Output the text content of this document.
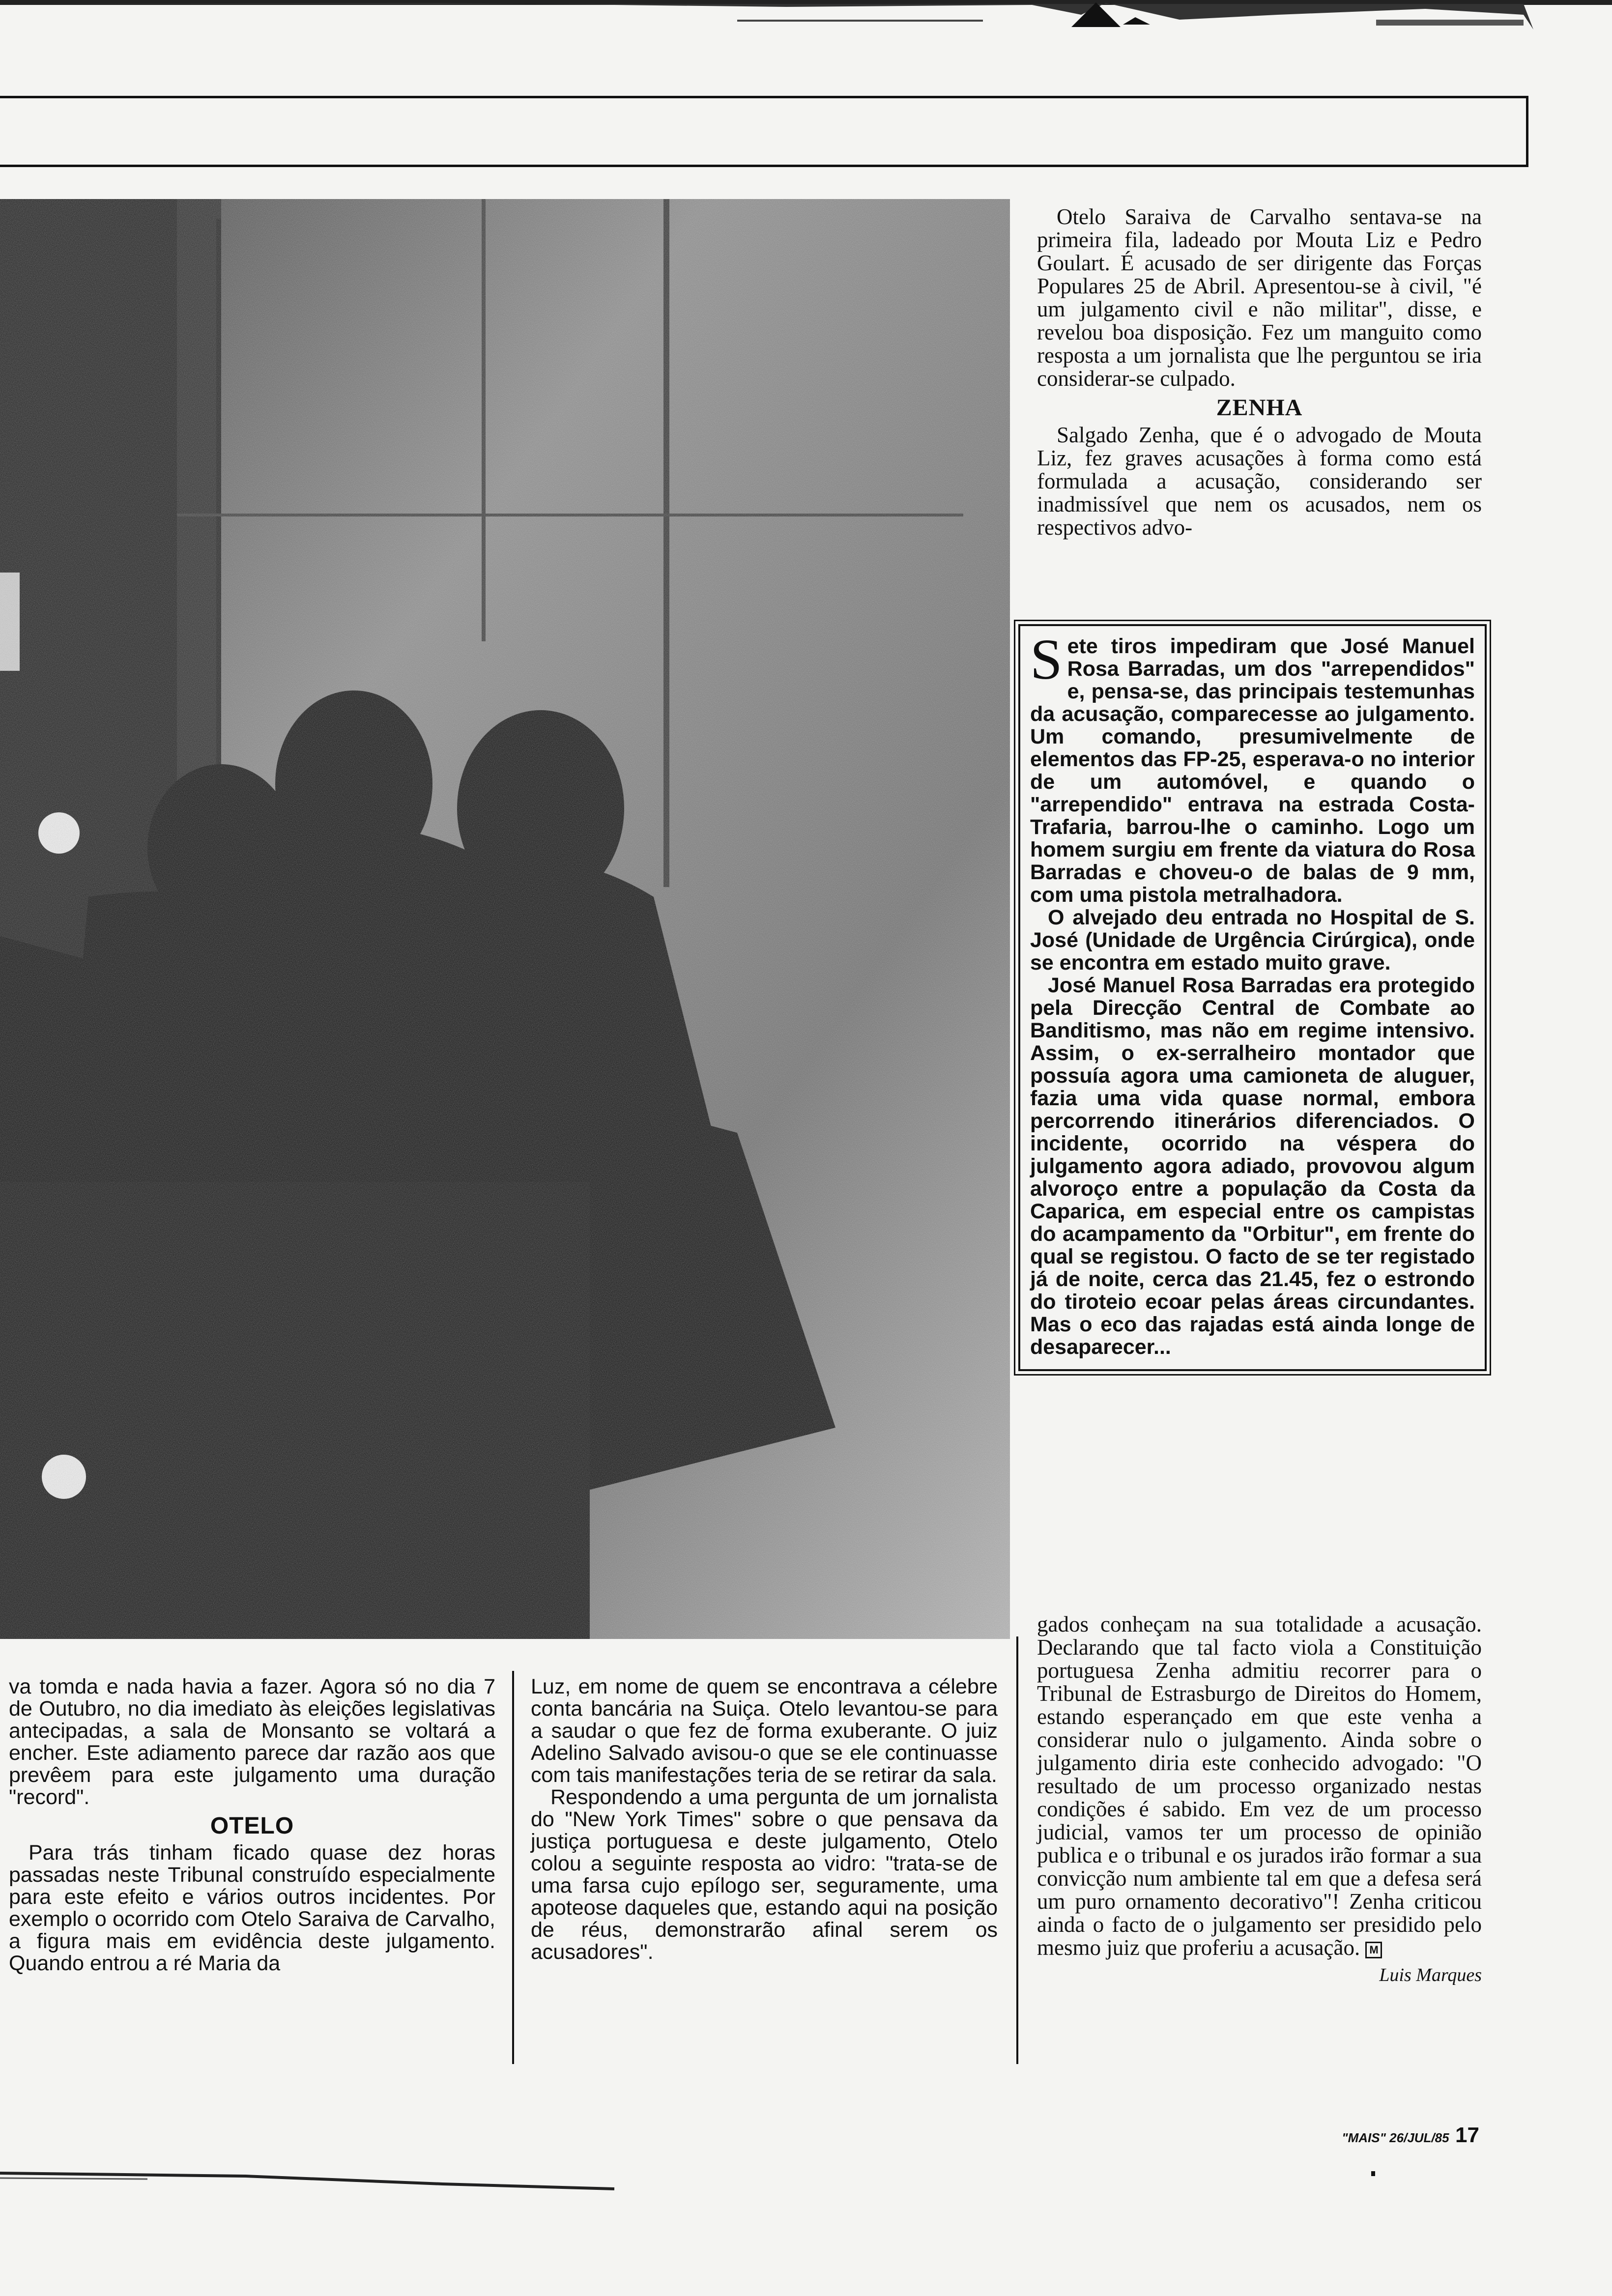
Otelo Saraiva de Carvalho sentava-se na primeira fila, ladeado por Mouta Liz e Pedro Goulart. É acusado de ser dirigente das Forças Populares 25 de Abril. Apresentou-se à civil, "é um julgamento civil e não militar", disse, e revelou boa disposição. Fez um manguito como resposta a um jornalista que lhe perguntou se iria considerar-se culpado.

ZENHA

Salgado Zenha, que é o advogado de Mouta Liz, fez graves acusações à forma como está formulada a acusação, considerando ser inadmissível que nem os acusados, nem os respectivos advo-

S ete tiros impediram que José Manuel Rosa Barradas, um dos "arrependidos" e, pensa-se, das principais testemunhas da acusação, comparecesse ao julgamento. Um comando, presumivelmente de elementos das FP-25, esperava-o no interior de um automóvel, e quando o "arrependido" entrava na estrada Costa-Trafaria, barrou-lhe o caminho. Logo um homem surgiu em frente da viatura do Rosa Barradas e choveu-o de balas de 9 mm, com uma pistola metralhadora.

O alvejado deu entrada no Hospital de S. José (Unidade de Urgência Cirúrgica), onde se encontra em estado muito grave.

José Manuel Rosa Barradas era protegido pela Direcção Central de Combate ao Banditismo, mas não em regime intensivo. Assim, o ex-serralheiro montador que possuía agora uma camioneta de aluguer, fazia uma vida quase normal, embora percorrendo itinerários diferenciados. O incidente, ocorrido na véspera do julgamento agora adiado, provovou algum alvoroço entre a população da Costa da Caparica, em especial entre os campistas do acampamento da "Orbitur", em frente do qual se registou. O facto de se ter registado já de noite, cerca das 21.45, fez o estrondo do tiroteio ecoar pelas áreas circundantes. Mas o eco das rajadas está ainda longe de desaparecer...

gados conheçam na sua totalidade a acusação. Declarando que tal facto viola a Constituição portuguesa Zenha admitiu recorrer para o Tribunal de Estrasburgo de Direitos do Homem, estando esperançado em que este venha a considerar nulo o julgamento. Ainda sobre o julgamento diria este conhecido advogado: "O resultado de um processo organizado nestas condições é sabido. Em vez de um processo judicial, vamos ter um processo de opinião publica e o tribunal e os jurados irão formar a sua convicção num ambiente tal em que a defesa será um puro ornamento decorativo"! Zenha criticou ainda o facto de o julgamento ser presidido pelo mesmo juiz que proferiu a acusação. M

Luis Marques

va tomda e nada havia a fazer. Agora só no dia 7 de Outubro, no dia imediato às eleições legislativas antecipadas, a sala de Monsanto se voltará a encher. Este adiamento parece dar razão aos que prevêem para este julgamento uma duração "record".

OTELO

Para trás tinham ficado quase dez horas passadas neste Tribunal construído especialmente para este efeito e vários outros incidentes. Por exemplo o ocorrido com Otelo Saraiva de Carvalho, a figura mais em evidência deste julgamento. Quando entrou a ré Maria da

Luz, em nome de quem se encontrava a célebre conta bancária na Suiça. Otelo levantou-se para a saudar o que fez de forma exuberante. O juiz Adelino Salvado avisou-o que se ele continuasse com tais manifestações teria de se retirar da sala.

Respondendo a uma pergunta de um jornalista do "New York Times" sobre o que pensava da justiça portuguesa e deste julgamento, Otelo colou a seguinte resposta ao vidro: "trata-se de uma farsa cujo epílogo ser, seguramente, uma apoteose daqueles que, estando aqui na posição de réus, demonstrarão afinal serem os acusadores".

"MAIS" 26/JUL/85 17
